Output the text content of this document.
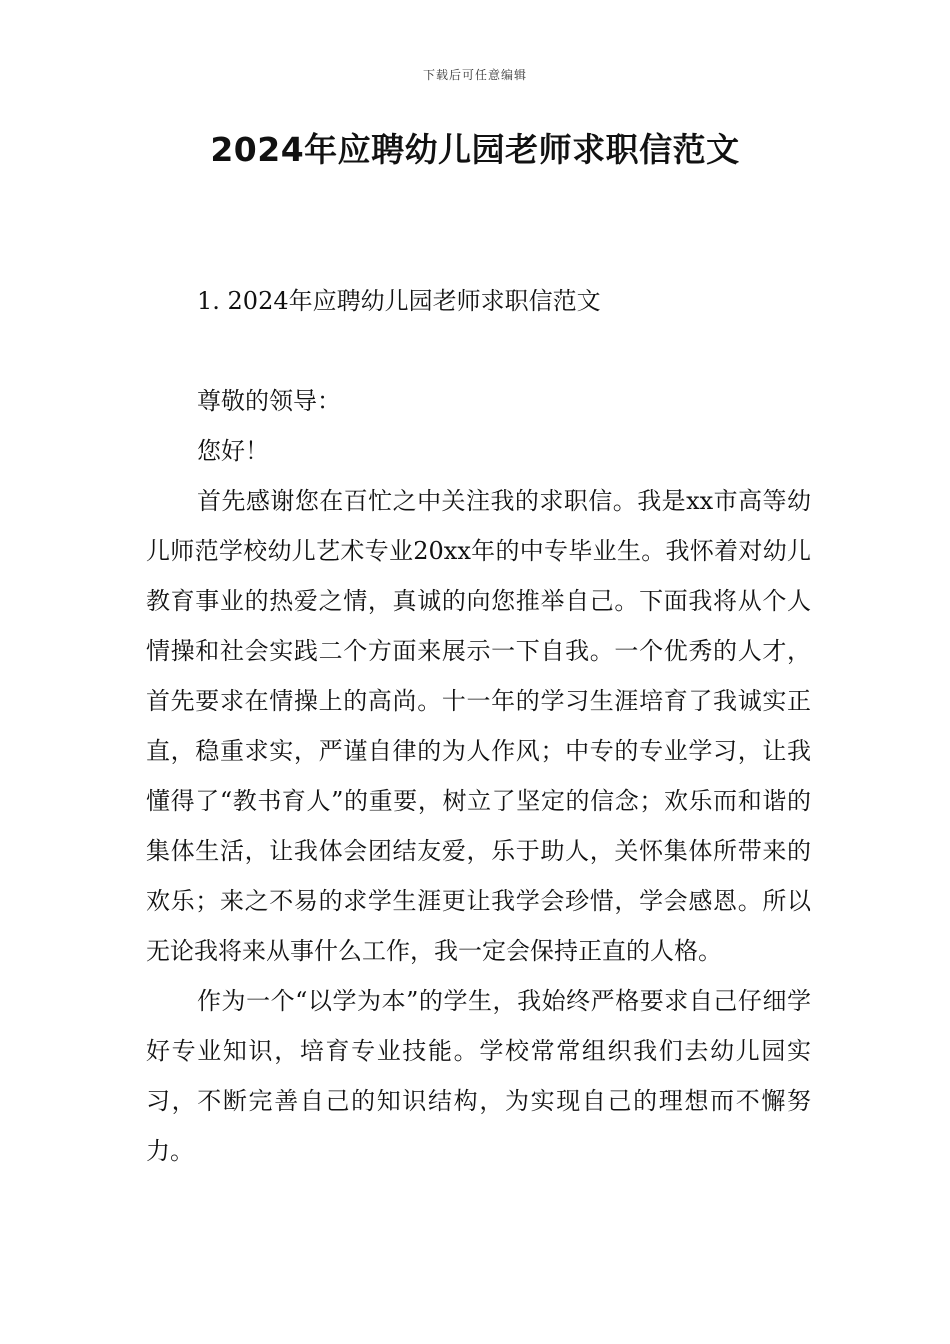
下载后可任意编辑
2024年应聘幼儿园老师求职信范文
1. 2024年应聘幼儿园老师求职信范文

尊敬的领导：

您好！

首先感谢您在百忙之中关注我的求职信。我是xx市高等幼儿师范学校幼儿艺术专业20xx年的中专毕业生。我怀着对幼儿教育事业的热爱之情，真诚的向您推举自己。下面我将从个人情操和社会实践二个方面来展示一下自我。一个优秀的人才，首先要求在情操上的高尚。十一年的学习生涯培育了我诚实正直，稳重求实，严谨自律的为人作风；中专的专业学习，让我懂得了“教书育人”的重要，树立了坚定的信念；欢乐而和谐的集体生活，让我体会团结友爱，乐于助人，关怀集体所带来的欢乐；来之不易的求学生涯更让我学会珍惜，学会感恩。所以无论我将来从事什么工作，我一定会保持正直的人格。

作为一个“以学为本”的学生，我始终严格要求自己仔细学好专业知识，培育专业技能。学校常常组织我们去幼儿园实习，不断完善自己的知识结构，为实现自己的理想而不懈努力。
